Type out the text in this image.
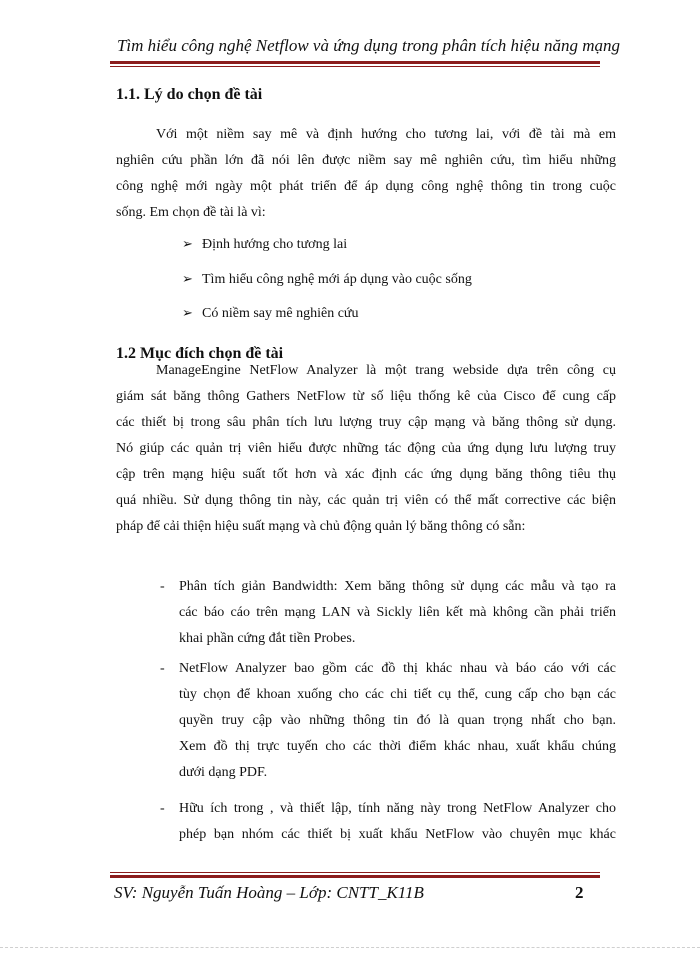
Tìm hiểu công nghệ Netflow và ứng dụng trong phân tích hiệu năng mạng
1.1. Lý do chọn đề tài
Với một niềm say mê và định hướng cho tương lai, với đề tài mà em
nghiên cứu phần lớn đã nói lên được niềm say mê nghiên cứu, tìm hiểu những
công nghệ mới ngày một phát triển để áp dụng công nghệ thông tin trong cuộc
sống. Em chọn đề tài là vì:
➢ Định hướng cho tương lai
➢ Tìm hiểu công nghệ mới áp dụng vào cuộc sống
➢ Có niềm say mê nghiên cứu
1.2 Mục đích chọn đề tài
ManageEngine NetFlow Analyzer là một trang webside dựa trên công cụ
giám sát băng thông Gathers NetFlow từ số liệu thống kê của Cisco để cung cấp
các thiết bị trong sâu phân tích lưu lượng truy cập mạng và băng thông sử dụng.
Nó giúp các quản trị viên hiểu được những tác động của ứng dụng lưu lượng truy
cập trên mạng hiệu suất tốt hơn và xác định các ứng dụng băng thông tiêu thụ
quá nhiều. Sử dụng thông tin này, các quản trị viên có thể mất corrective các biện
pháp để cải thiện hiệu suất mạng và chủ động quản lý băng thông có sẵn:
-	Phân tích giản Bandwidth: Xem băng thông sử dụng các mẫu và tạo ra
các báo cáo trên mạng LAN và Sickly liên kết mà không cần phải triển
khai phần cứng đắt tiền Probes.
-	NetFlow Analyzer bao gồm các đồ thị khác nhau và báo cáo với các
tùy chọn để khoan xuống cho các chi tiết cụ thể, cung cấp cho bạn các
quyền truy cập vào những thông tin đó là quan trọng nhất cho bạn.
Xem đồ thị trực tuyến cho các thời điểm khác nhau, xuất khẩu chúng
dưới dạng PDF.
-	Hữu ích trong , và thiết lập, tính năng này trong NetFlow Analyzer cho
phép bạn nhóm các thiết bị xuất khẩu NetFlow vào chuyên mục khác
SV: Nguyễn Tuấn Hoàng – Lớp: CNTT_K11B	2
